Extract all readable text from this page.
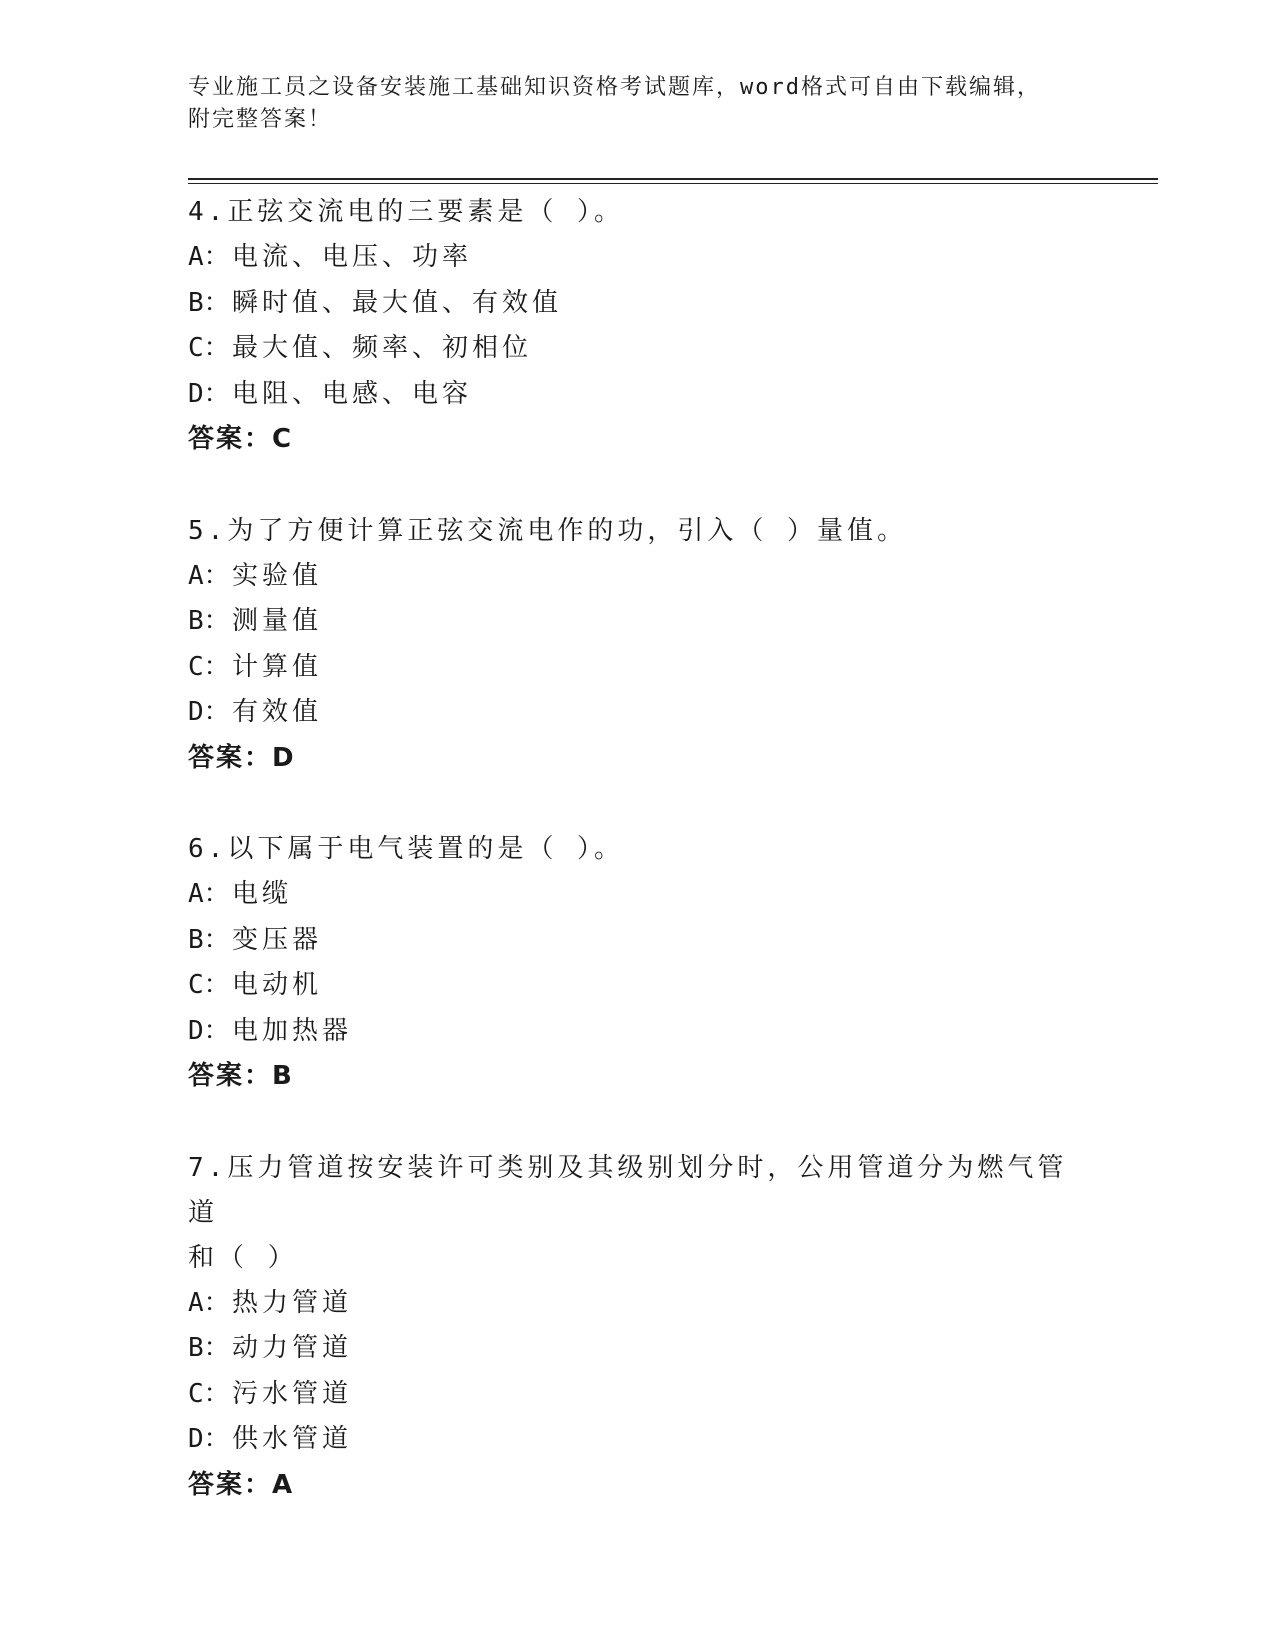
专业施工员之设备安装施工基础知识资格考试题库，word格式可自由下载编辑，
附完整答案！
4.正弦交流电的三要素是（ ）。
A：电流、电压、功率
B：瞬时值、最大值、有效值
C：最大值、频率、初相位
D：电阻、电感、电容
答案：C
5.为了方便计算正弦交流电作的功，引入（ ）量值。
A：实验值
B：测量值
C：计算值
D：有效值
答案：D
6.以下属于电气装置的是（ ）。
A：电缆
B：变压器
C：电动机
D：电加热器
答案：B
7.压力管道按安装许可类别及其级别划分时，公用管道分为燃气管道
和（ ）
A：热力管道
B：动力管道
C：污水管道
D：供水管道
答案：A
